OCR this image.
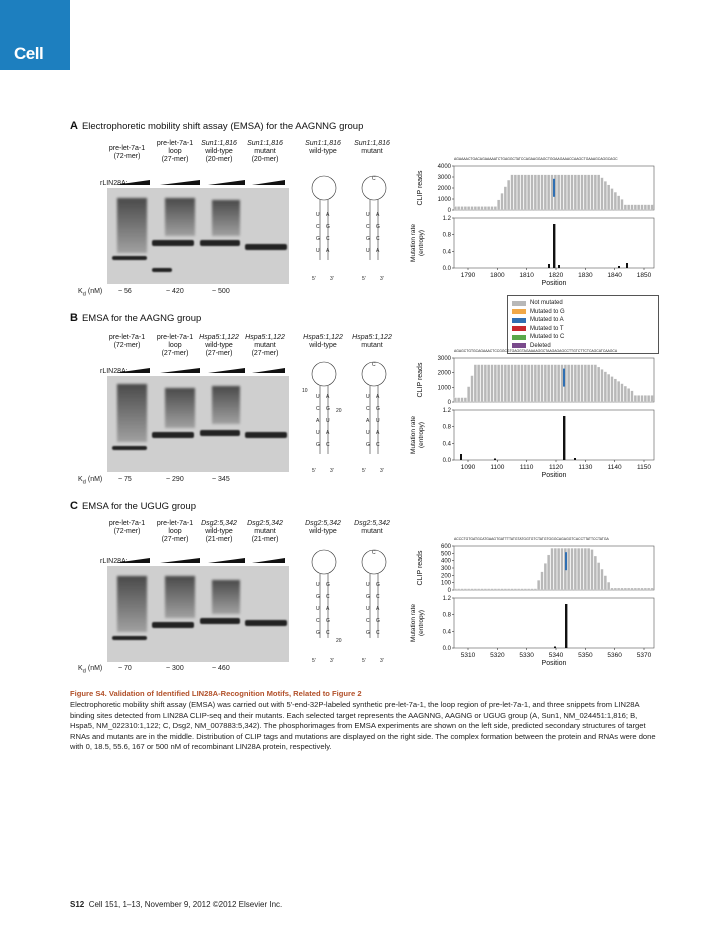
Cell
A Electrophoretic mobility shift assay (EMSA) for the AAGNNG group
pre-let-7a-1
(72-mer)
pre-let-7a-1
loop
(27-mer)
Sun1:1,816
wild-type
(20-mer)
Sun1:1,816
mutant
(20-mer)
Sun1:1,816
wild-type
Sun1:1,816
mutant
rLIN28A:
$K_d$ (nM) ~ 56	~ 420	~ 500
U A
C G
G C
U A
U A
C G
G C
U A
C
5′	3′	5′	3′
AGAAAACTGACAGAAAAATCTGAGGCTATCCAGAAGGAGCTGGAAGAAACCAAGCTGAAAGCAGGCAGC
0
1000
2000
3000
4000
0.0
0.4
0.8
1.2
1790 1800 1810 1820 1830 1840 1850
Position
CLIP reads
Mutation rate (entropy)
Not mutated
Mutated to G

Mutated to A
Mutated to T

Mutated to C
Deleted
B EMSA for the AAGNG group
pre-let-7a-1
(72-mer)
pre-let-7a-1
loop
(27-mer)
Hspa5:1,122
wild-type
(27-mer)
Hspa5:1,122
mutant
(27-mer)
Hspa5:1,122
wild-type
Hspa5:1,122
mutant
rLIN28A:
$K_d$ (nM) ~ 75	~ 290	~ 345
U A
C G
A U
U A
G C
U A
C G
A U
U A
G C
C
10
20
5′	3′	5′	3′
AGAGCTGTGCAGAAACTCCGGCGTGAGGTAGAAAAGGCTAAGAGAGCCTTGTCTTCTCAGCATCAAGCA
0
1000
2000
3000
0.0
0.4
0.8
1.2
1090 1100 1110 1120 1130 1140 1150
Position
CLIP reads
Mutation rate (entropy)
C EMSA for the UGUG group
pre-let-7a-1
(72-mer)
pre-let-7a-1
loop
(27-mer)
Dsg2:5,342
wild-type
(21-mer)
Dsg2:5,342
mutant
(21-mer)
Dsg2:5,342
wild-type
Dsg2:5,342
mutant
rLIN28A:
$K_d$ (nM) ~ 70	~ 300	~ 460
U G
G C
U A
C G
G C
U G
G C
U A
C G
G C
C
20
5′	3′	5′	3′
ACCCTGTGATGCATGAAGTGATTTTATGTATGGTGTCTATGTGGGCAGAGGTCACCTTATTCCTATGA
0
100
200
300
400
500
600
0.0
0.4
0.8
1.2
5310 5320 5330 5340 5350 5360 5370
Position
CLIP reads
Mutation rate (entropy)
Figure S4. Validation of Identified LIN28A-Recognition Motifs, Related to Figure 2
Electrophoretic mobility shift assay (EMSA) was carried out with 5′-end-32P-labeled synthetic pre-let-7a-1, the loop region of pre-let-7a-1, and three snippets from LIN28A binding sites detected from LIN28A CLIP-seq and their mutants. Each selected target represents the AAGNNG, AAGNG or UGUG group (A, Sun1, NM_024451:1,816; B, Hspa5, NM_022310:1,122; C, Dsg2, NM_007883:5,342). The phosphorimages from EMSA experiments are shown on the left side, predicted secondary structures of target RNAs and mutants are in the middle. Distribution of CLIP tags and mutations are displayed on the right side. The complex formation between the protein and RNAs were done with 0, 18.5, 55.6, 167 or 500 nM of recombinant LIN28A protein, respectively.
S12 Cell 151, 1–13, November 9, 2012 ©2012 Elsevier Inc.
